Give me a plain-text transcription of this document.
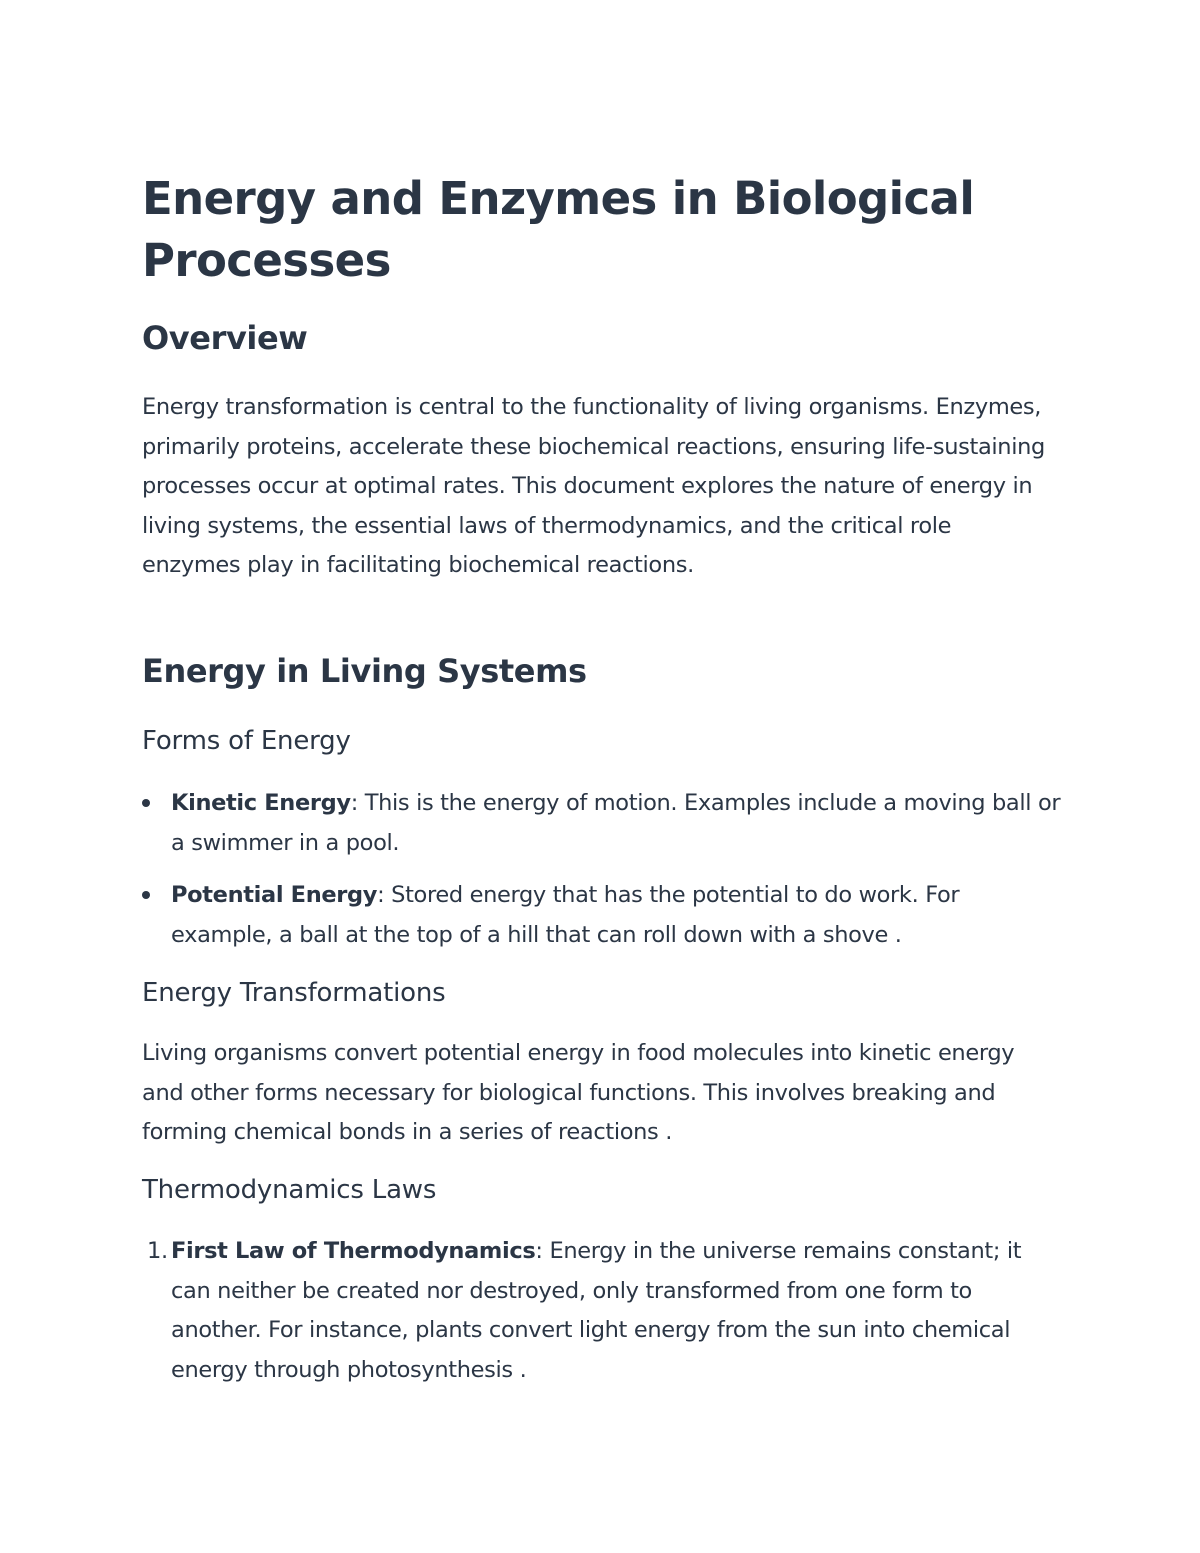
Energy and Enzymes in Biological Processes
Overview

Energy transformation is central to the functionality of living organisms. Enzymes, primarily proteins, accelerate these biochemical reactions, ensuring life-sustaining processes occur at optimal rates. This document explores the nature of energy in living systems, the essential laws of thermodynamics, and the critical role enzymes play in facilitating biochemical reactions.

Energy in Living Systems
Forms of Energy
Kinetic Energy: This is the energy of motion. Examples include a moving ball or a swimmer in a pool.
Potential Energy: Stored energy that has the potential to do work. For example, a ball at the top of a hill that can roll down with a shove .
Energy Transformations

Living organisms convert potential energy in food molecules into kinetic energy and other forms necessary for biological functions. This involves breaking and forming chemical bonds in a series of reactions .

Thermodynamics Laws
1. First Law of Thermodynamics: Energy in the universe remains constant; it can neither be created nor destroyed, only transformed from one form to another. For instance, plants convert light energy from the sun into chemical energy through photosynthesis .
